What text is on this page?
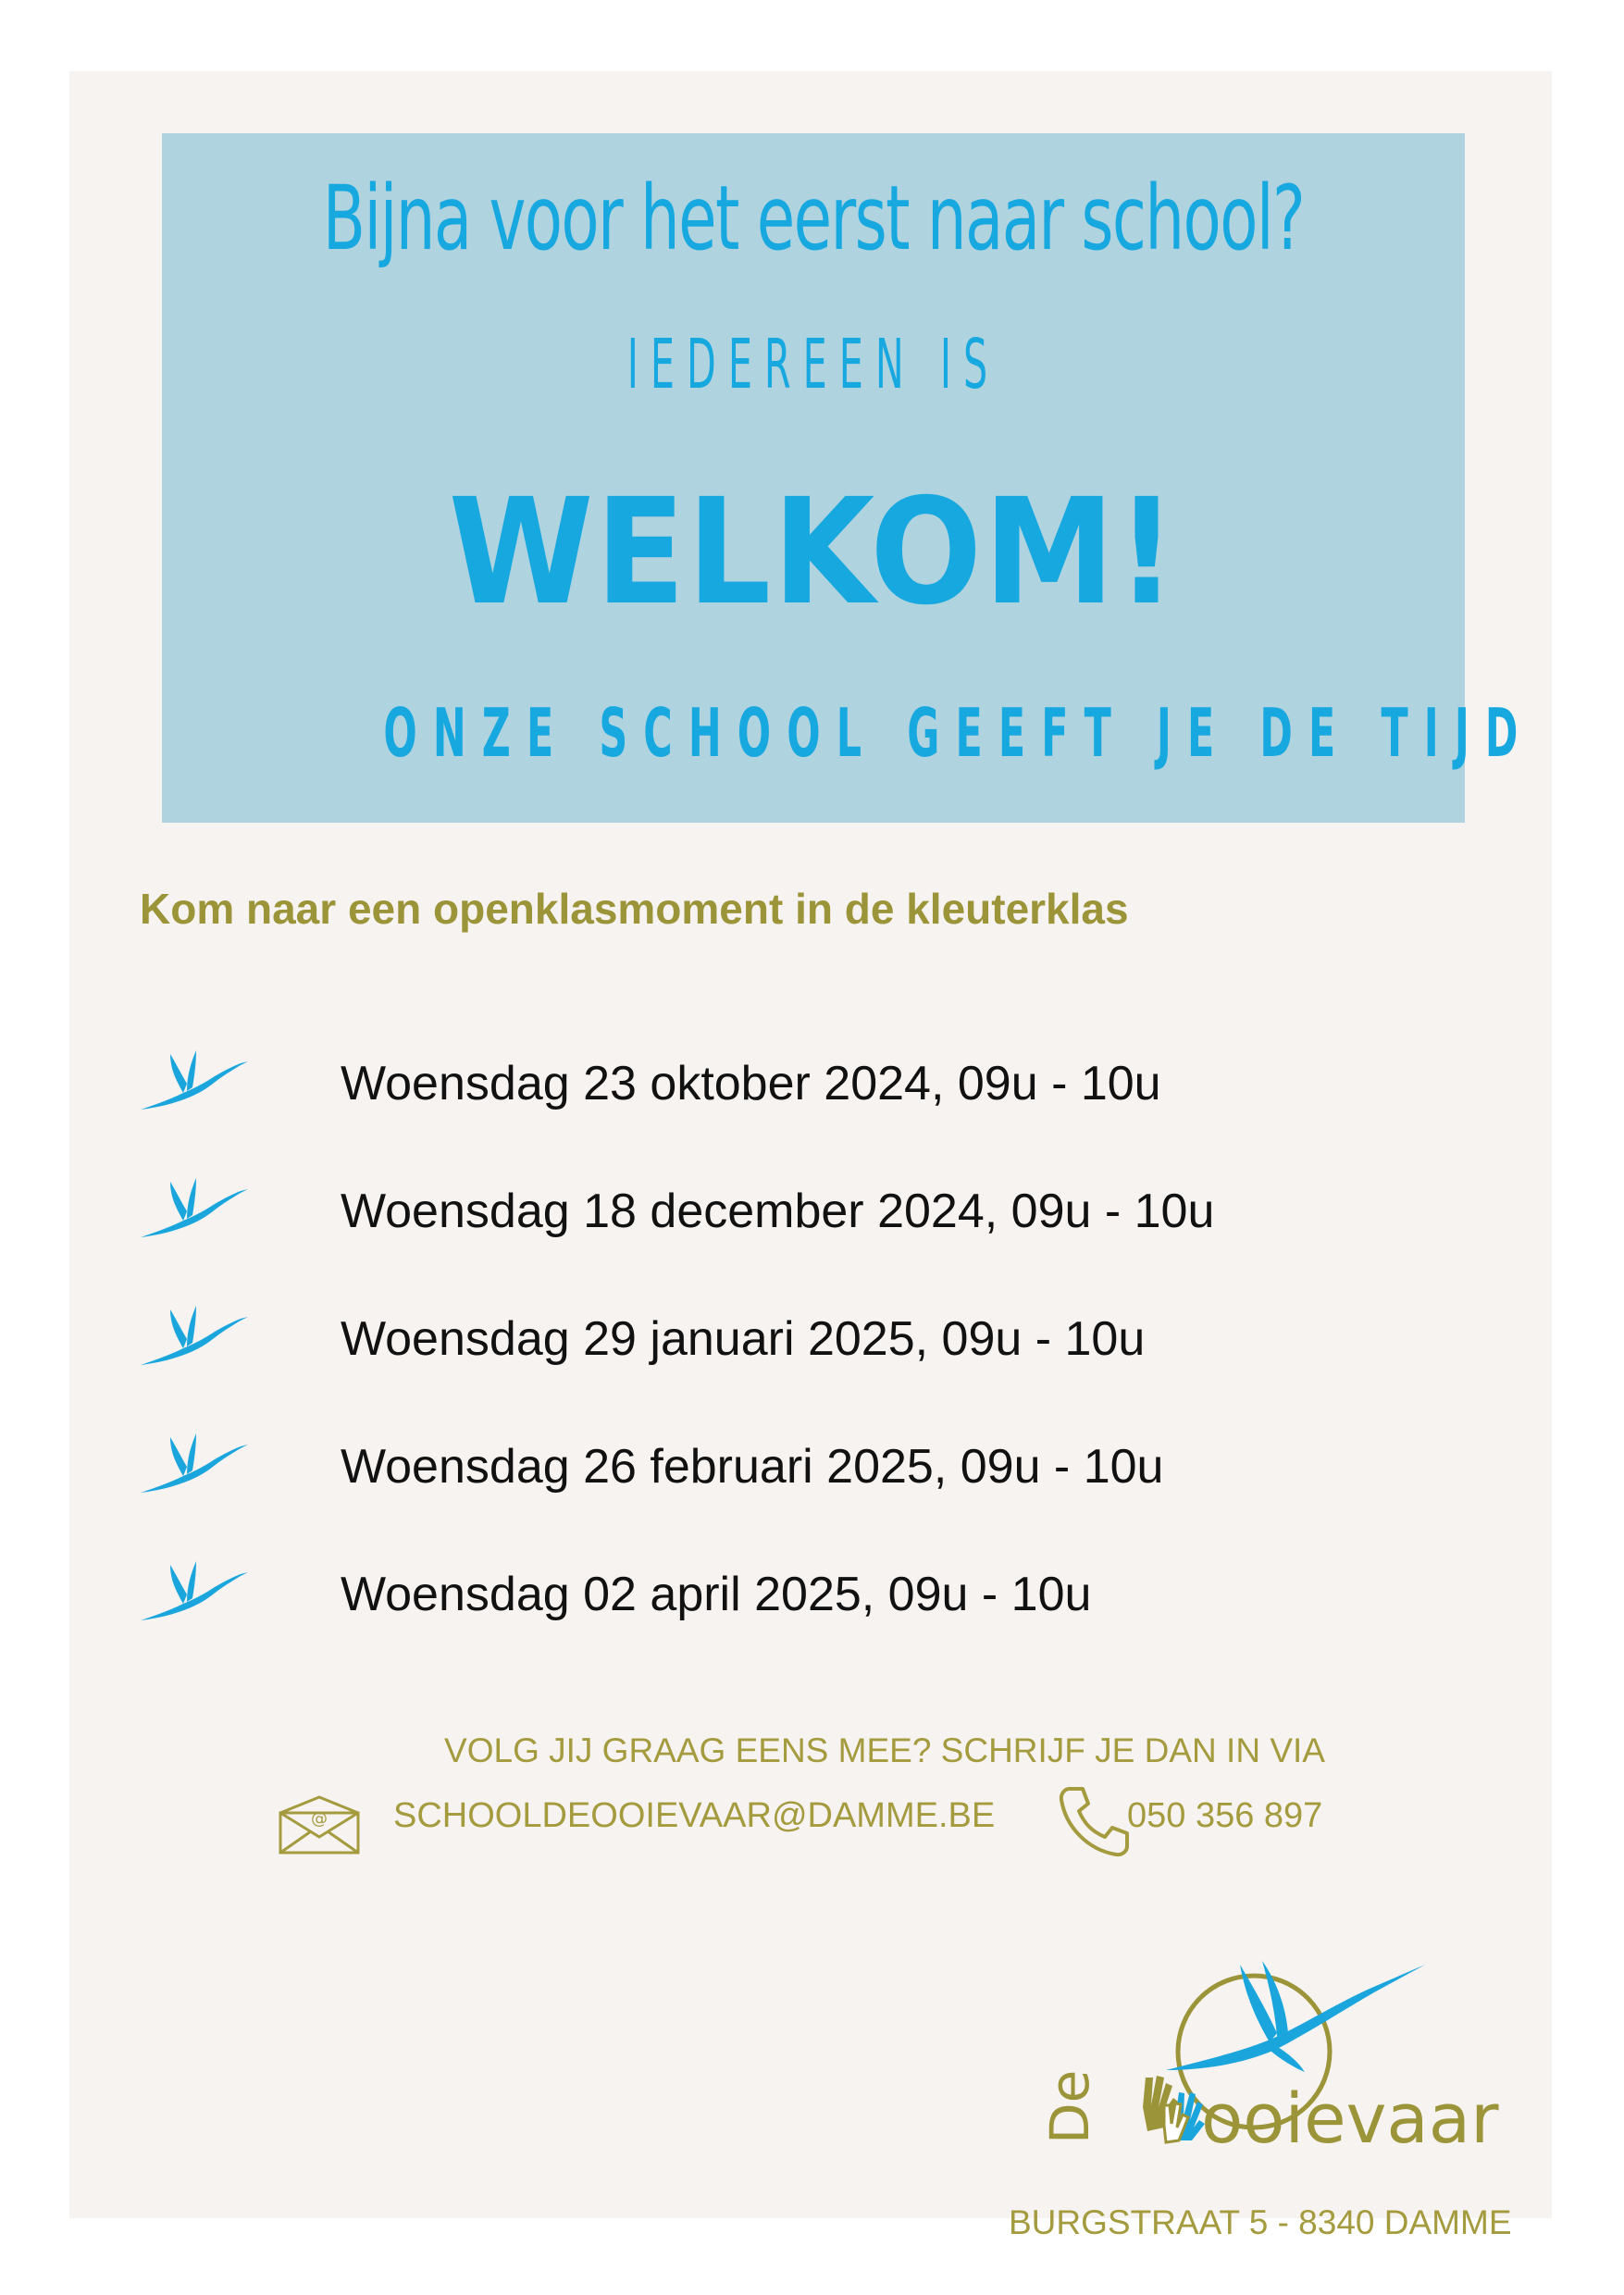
Bijna voor het eerst naar school?
IEDEREEN IS
WELKOM!
ONZE SCHOOL GEEFT JE DE TIJD
Kom naar een openklasmoment in de kleuterklas
Woensdag 23 oktober 2024, 09u - 10u
Woensdag 18 december 2024, 09u - 10u
Woensdag 29 januari 2025, 09u - 10u
Woensdag 26 februari 2025, 09u - 10u
Woensdag 02 april 2025, 09u - 10u
VOLG JIJ GRAAG EENS MEE? SCHRIJF JE DAN IN VIA
@ SCHOOLDEOOIEVAAR@DAMME.BE	050 356 897
De ooievaar
BURGSTRAAT 5 - 8340 DAMME
